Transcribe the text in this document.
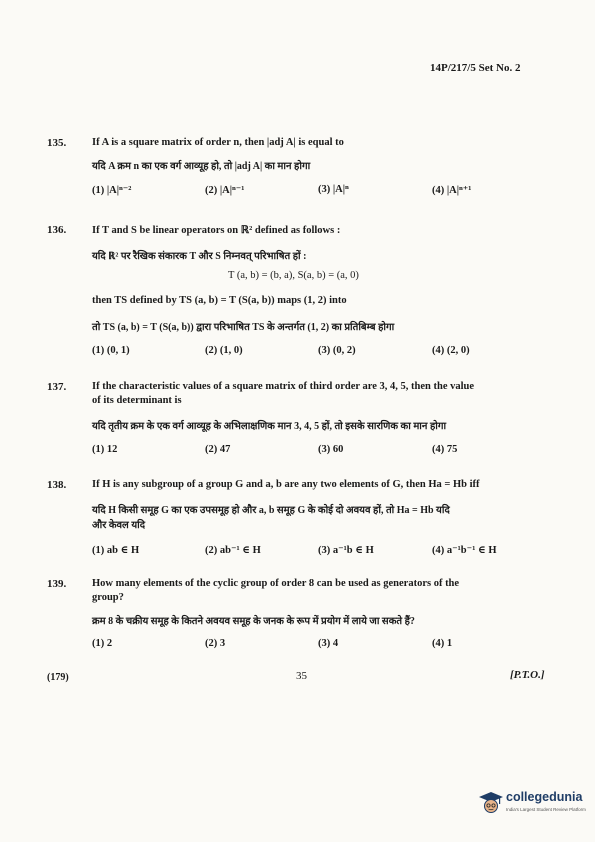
14P/217/5 Set No. 2
135. If A is a square matrix of order n, then |adj A| is equal to
यदि A क्रम n का एक वर्ग आव्यूह हो, तो |adj A| का मान होगा
(1) |A|ⁿ⁻²	(2) |A|ⁿ⁻¹	(3) |A|ⁿ	(4) |A|ⁿ⁺¹
136. If T and S be linear operators on ℝ² defined as follows :
यदि ℝ² पर रैखिक संकारक T और S निम्नवत् परिभाषित हों :
T (a, b) = (b, a), S(a, b) = (a, 0)
then TS defined by TS (a, b) = T (S(a, b)) maps (1, 2) into
तो TS (a, b) = T (S(a, b)) द्वारा परिभाषित TS के अन्तर्गत (1, 2) का प्रतिबिम्ब होगा
(1) (0, 1)	(2) (1, 0)	(3) (0, 2)	(4) (2, 0)
137. If the characteristic values of a square matrix of third order are 3, 4, 5, then the value
of its determinant is
यदि तृतीय क्रम के एक वर्ग आव्यूह के अभिलाक्षणिक मान 3, 4, 5 हों, तो इसके सारणिक का मान होगा
(1) 12	(2) 47	(3) 60	(4) 75
138. If H is any subgroup of a group G and a, b are any two elements of G, then Ha = Hb iff
यदि H किसी समूह G का एक उपसमूह हो और a, b समूह G के कोई दो अवयव हों, तो Ha = Hb यदि
और केवल यदि
(1) ab ∈ H	(2) ab⁻¹ ∈ H	(3) a⁻¹b ∈ H	(4) a⁻¹b⁻¹ ∈ H
139. How many elements of the cyclic group of order 8 can be used as generators of the
group?
क्रम 8 के चक्रीय समूह के कितने अवयव समूह के जनक के रूप में प्रयोग में लाये जा सकते हैं?
(1) 2	(2) 3	(3) 4	(4) 1
(179)	35	[P.T.O.]
collegedunia
India's Largest Student Review Platform
